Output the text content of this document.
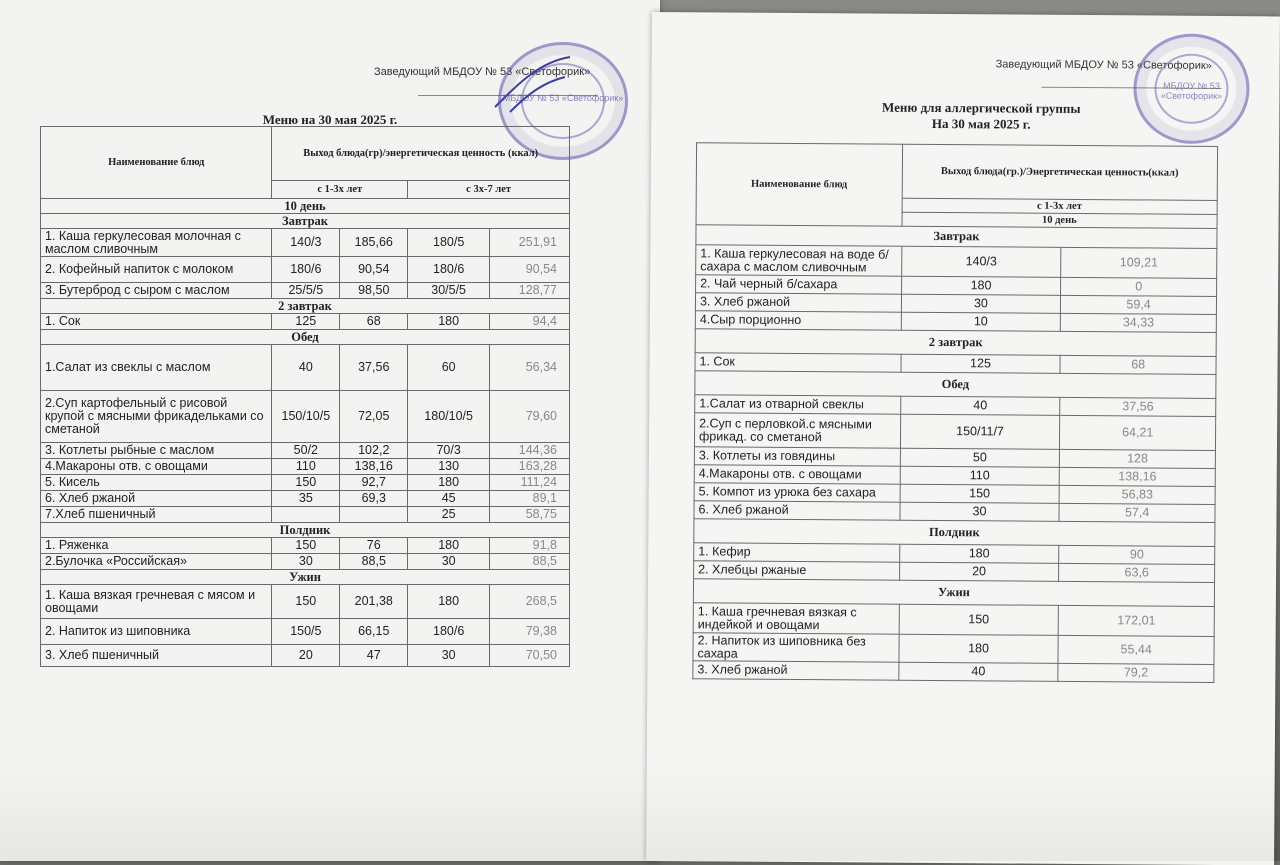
Заведующий МБДОУ № 53 «Светофорик»
МБДОУ № 53 «Светофорик»
Меню на 30 мая 2025 г.
Наименование блюд	Выход блюда(гр)/энергетическая ценность (ккал)			
	с 1-3х лет		с 3х-7 лет	
10 день				
Завтрак				
1. Каша геркулесовая молочная с маслом сливочным	140/3	185,66	180/5	251,91
2. Кофейный напиток с молоком	180/6	90,54	180/6	90,54
3. Бутерброд с сыром с маслом	25/5/5	98,50	30/5/5	128,77
2 завтрак				
1. Сок	125	68	180	94,4
Обед				
1.Салат из свеклы с маслом	40	37,56	60	56,34
2.Суп картофельный с рисовой крупой с мясными фрикадельками со сметаной	150/10/5	72,05	180/10/5	79,60
3. Котлеты рыбные с маслом	50/2	102,2	70/3	144,36
4.Макароны отв. с овощами	110	138,16	130	163,28
5. Кисель	150	92,7	180	111,24
6. Хлеб ржаной	35	69,3	45	89,1
7.Хлеб пшеничный			25	58,75
Полдник				
1. Ряженка	150	76	180	91,8
2.Булочка «Российская»	30	88,5	30	88,5
Ужин				
1. Каша вязкая гречневая с мясом и овощами	150	201,38	180	268,5
2. Напиток из шиповника	150/5	66,15	180/6	79,38
3. Хлеб пшеничный	20	47	30	70,50
Заведующий МБДОУ № 53 «Светофорик»
МБДОУ № 53 «Светофорик»
Меню для аллергической группы
На 30 мая 2025 г.
Наименование блюд	Выход блюда(гр.)/Энергетическая ценность(ккал)	
	с 1-3х лет	
	10 день	
Завтрак		
1. Каша геркулесовая на воде б/сахара с маслом сливочным	140/3	109,21
2. Чай черный б/сахара	180	0
3. Хлеб ржаной	30	59,4
4.Сыр порционно	10	34,33
2 завтрак		
1. Сок	125	68
Обед		
1.Салат из отварной свеклы	40	37,56
2.Суп с перловкой.с мясными фрикад. со сметаной	150/11/7	64,21
3. Котлеты из говядины	50	128
4.Макароны отв. с овощами	110	138,16
5. Компот из урюка без сахара	150	56,83
6. Хлеб ржаной	30	57,4
Полдник		
1. Кефир	180	90
2. Хлебцы ржаные	20	63,6
Ужин		
1. Каша гречневая вязкая с индейкой и овощами	150	172,01
2. Напиток из шиповника без сахара	180	55,44
3. Хлеб ржаной	40	79,2
